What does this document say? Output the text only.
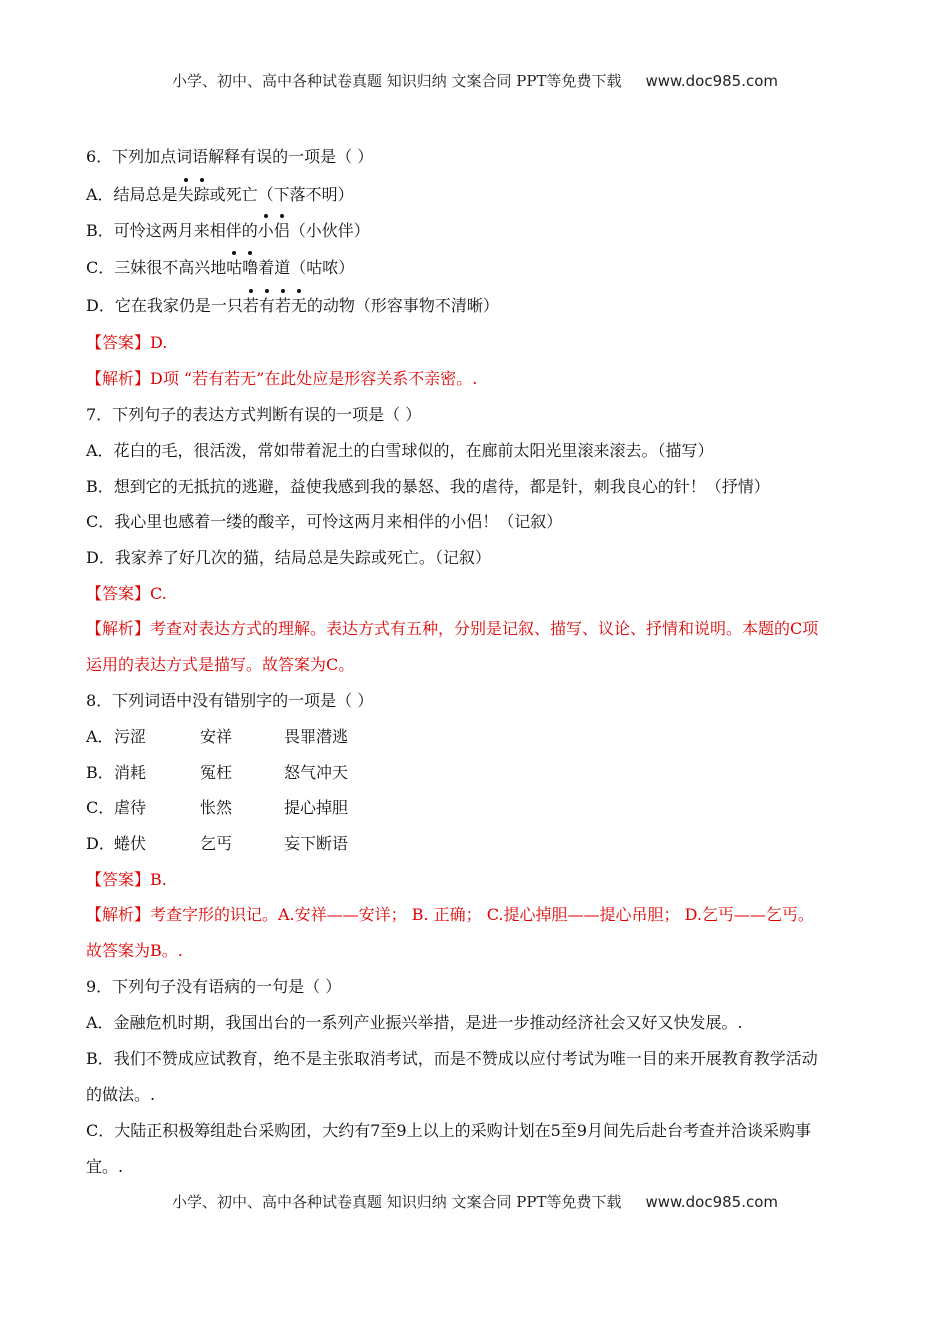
小学、初中、高中各种试卷真题 知识归纳 文案合同 PPT等免费下载 www.doc985.com
6．下列加点词语解释有误的一项是（ ）
A．结局总是失踪或死亡（下落不明）
B．可怜这两月来相伴的小侣（小伙伴）
C．三妹很不高兴地咕噜着道（咕哝）
D．它在我家仍是一只若有若无的动物（形容事物不清晰）
【答案】D.
【解析】D项 “若有若无”在此处应是形容关系不亲密。.
7．下列句子的表达方式判断有误的一项是（ ）
A．花白的毛，很活泼，常如带着泥土的白雪球似的，在廊前太阳光里滚来滚去。（描写）
B．想到它的无抵抗的逃避，益使我感到我的暴怒、我的虐待，都是针，刺我良心的针！（抒情）
C．我心里也感着一缕的酸辛，可怜这两月来相伴的小侣！（记叙）
D．我家养了好几次的猫，结局总是失踪或死亡。（记叙）
【答案】C.
【解析】考查对表达方式的理解。表达方式有五种，分别是记叙、描写、议论、抒情和说明。本题的C项
运用的表达方式是描写。故答案为C。
8．下列词语中没有错别字的一项是（ ）
A． 污涩	安祥	畏罪潜逃
B． 消耗	冤枉	怒气冲天
C． 虐待	怅然	提心掉胆
D． 蜷伏	乞丐	妄下断语
【答案】B.
【解析】考查字形的识记。A.安祥——安详； B. 正确； C.提心掉胆——提心吊胆； D.乞丐——乞丐。
故答案为B。.
9．下列句子没有语病的一句是（ ）
A．金融危机时期，我国出台的一系列产业振兴举措，是进一步推动经济社会又好又快发展。.
B．我们不赞成应试教育，绝不是主张取消考试，而是不赞成以应付考试为唯一目的来开展教育教学活动
的做法。.
C．大陆正积极筹组赴台采购团，大约有7至9上以上的采购计划在5至9月间先后赴台考查并洽谈采购事
宜。.
小学、初中、高中各种试卷真题 知识归纳 文案合同 PPT等免费下载 www.doc985.com
